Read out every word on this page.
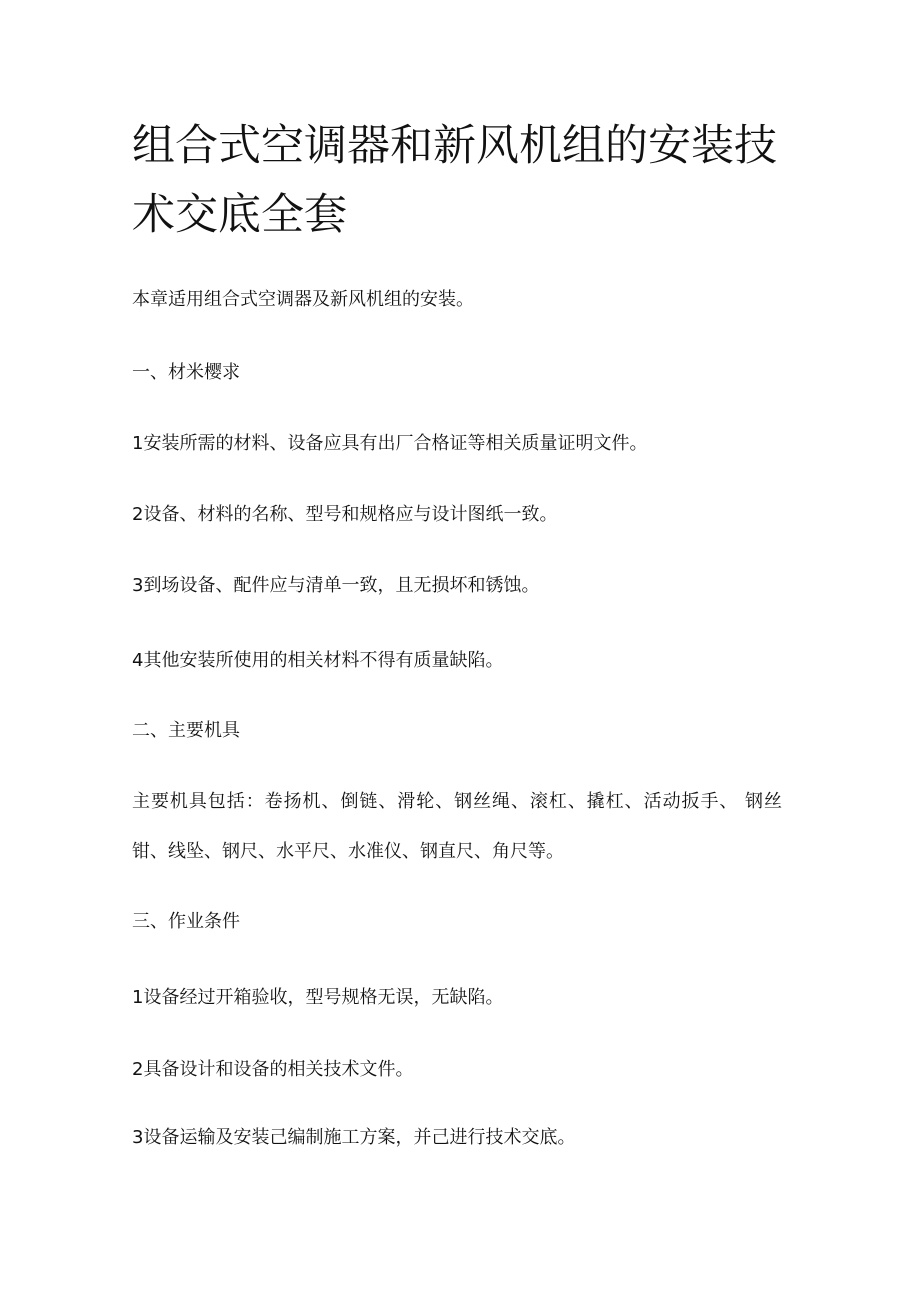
组合式空调器和新风机组的安装技术交底全套

本章适用组合式空调器及新风机组的安装。

一、材米樱求

1安装所需的材料、设备应具有出厂合格证等相关质量证明文件。

2设备、材料的名称、型号和规格应与设计图纸一致。

3到场设备、配件应与清单一致，且无损坏和锈蚀。

4其他安装所使用的相关材料不得有质量缺陷。

二、主要机具

主要机具包括：卷扬机、倒链、滑轮、钢丝绳、滚杠、撬杠、活动扳手、 钢丝钳、线坠、钢尺、水平尺、水准仪、钢直尺、角尺等。

三、作业条件

1设备经过开箱验收，型号规格无误，无缺陷。

2具备设计和设备的相关技术文件。

3设备运输及安装己编制施工方案，并己进行技术交底。
